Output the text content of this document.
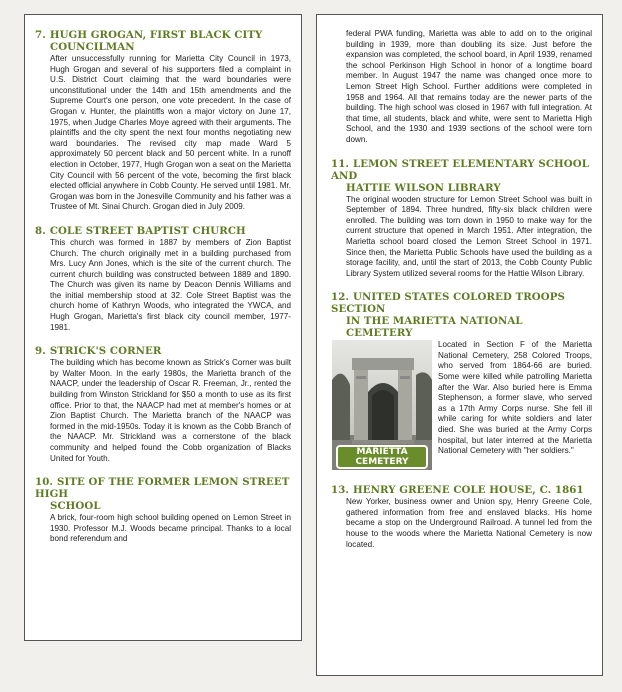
7. HUGH GROGAN, FIRST BLACK CITY
COUNCILMAN

After unsuccessfully running for Marietta City Council in 1973, Hugh Grogan and several of his supporters filed a complaint in U.S. District Court claiming that the ward boundaries were unconstitutional under the 14th and 15th amendments and the Supreme Court's one person, one vote precedent. In the case of Grogan v. Hunter, the plaintiffs won a major victory on June 17, 1975, when Judge Charles Moye agreed with their arguments. The plaintiffs and the city spent the next four months negotiating new ward boundaries. The revised city map made Ward 5 approximately 50 percent black and 50 percent white. In a runoff election in October, 1977, Hugh Grogan won a seat on the Marietta City Council with 56 percent of the vote, becoming the first black elected official anywhere in Cobb County. He served until 1981. Mr. Grogan was born in the Jonesville Community and his father was a Trustee of Mt. Sinai Church. Grogan died in July 2009.

8. COLE STREET BAPTIST CHURCH

This church was formed in 1887 by members of Zion Baptist Church. The church originally met in a building purchased from Mrs. Lucy Ann Jones, which is the site of the current church. The current church building was constructed between 1889 and 1890. The Church was given its name by Deacon Dennis Williams and the initial membership stood at 32. Cole Street Baptist was the church home of Kathryn Woods, who integrated the YWCA, and Hugh Grogan, Marietta's first black city council member, 1977-1981.

9. STRICK'S CORNER

The building which has become known as Strick's Corner was built by Walter Moon. In the early 1980s, the Marietta branch of the NAACP, under the leadership of Oscar R. Freeman, Jr., rented the building from Winston Strickland for $50 a month to use as its first office. Prior to that, the NAACP had met at member's homes or at Zion Baptist Church. The Marietta branch of the NAACP was formed in the mid-1950s. Today it is known as the Cobb Branch of the NAACP. Mr. Strickland was a cornerstone of the black community and helped found the Cobb organization of Blacks United for Youth.

10. SITE OF THE FORMER LEMON STREET HIGH
SCHOOL

A brick, four-room high school building opened on Lemon Street in 1930. Professor M.J. Woods became principal. Thanks to a local bond referendum and

federal PWA funding, Marietta was able to add on to the original building in 1939, more than doubling its size. Just before the expansion was completed, the school board, in April 1939, renamed the school Perkinson High School in honor of a longtime board member. In August 1947 the name was changed once more to Lemon Street High School. Further additions were completed in 1958 and 1964. All that remains today are the newer parts of the building. The high school was closed in 1967 with full integration. At that time, all students, black and white, were sent to Marietta High School, and the 1930 and 1939 sections of the school were torn down.

11. LEMON STREET ELEMENTARY SCHOOL AND
HATTIE WILSON LIBRARY

The original wooden structure for Lemon Street School was built in September of 1894. Three hundred, fifty-six black children were enrolled. The building was torn down in 1950 to make way for the current structure that opened in March 1951. After integration, the Marietta school board closed the Lemon Street School in 1971. Since then, the Marietta Public Schools have used the building as a storage facility, and, until the start of 2013, the Cobb County Public Library System utilized several rooms for the Hattie Wilson Library.

12. UNITED STATES COLORED TROOPS SECTION
IN THE MARIETTA NATIONAL CEMETERY
MARIETTA
CEMETERY

Located in Section F of the Marietta National Cemetery, 258 Colored Troops, who served from 1864-66 are buried. Some were killed while patrolling Marietta after the War. Also buried here is Emma Stephenson, a former slave, who served as a 17th Army Corps nurse. She fell ill while caring for white soldiers and later died. She was buried at the Army Corps hospital, but later interred at the Marietta National Cemetery with "her soldiers."

13. HENRY GREENE COLE HOUSE, C. 1861

New Yorker, business owner and Union spy, Henry Greene Cole, gathered information from free and enslaved blacks. His home became a stop on the Underground Railroad. A tunnel led from the house to the woods where the Marietta National Cemetery is now located.
